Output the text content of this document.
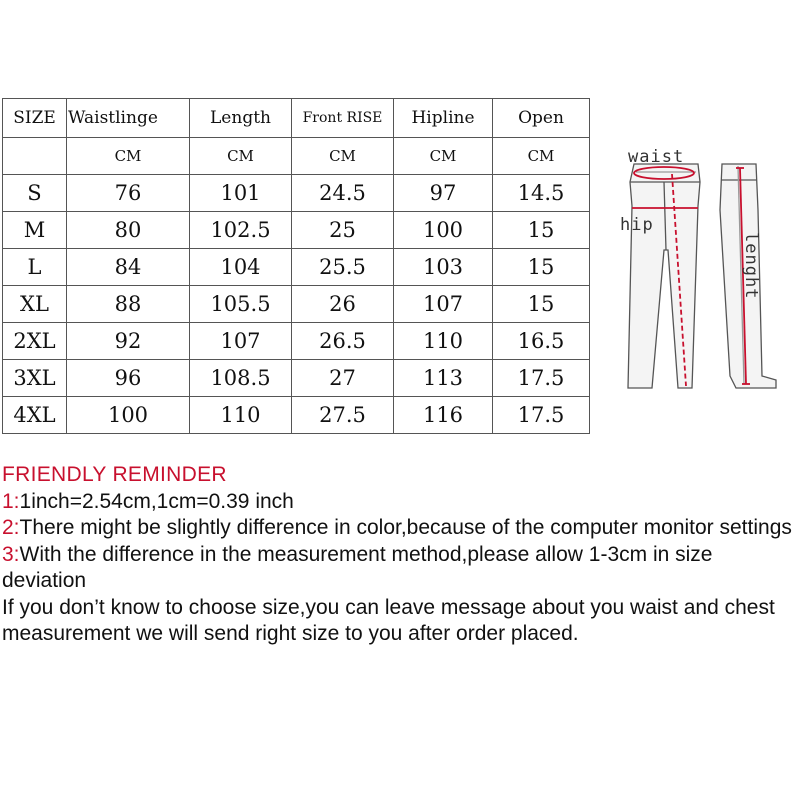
SIZE	Waistlinge	Length	Front RISE	Hipline	Open
	CM	CM	CM	CM	CM
S	76	101	24.5	97	14.5
M	80	102.5	25	100	15
L	84	104	25.5	103	15
XL	88	105.5	26	107	15
2XL	92	107	26.5	110	16.5
3XL	96	108.5	27	113	17.5
4XL	100	110	27.5	116	17.5
waist
hip
lenght

FRIENDLY REMINDER

1:1inch=2.54cm,1cm=0.39 inch

2:There might be slightly difference in color,because of the computer monitor settings

3:With the difference in the measurement method,please allow 1-3cm in size deviation

If you don’t know to choose size,you can leave message about you waist and chest measurement we will send right size to you after order placed.
